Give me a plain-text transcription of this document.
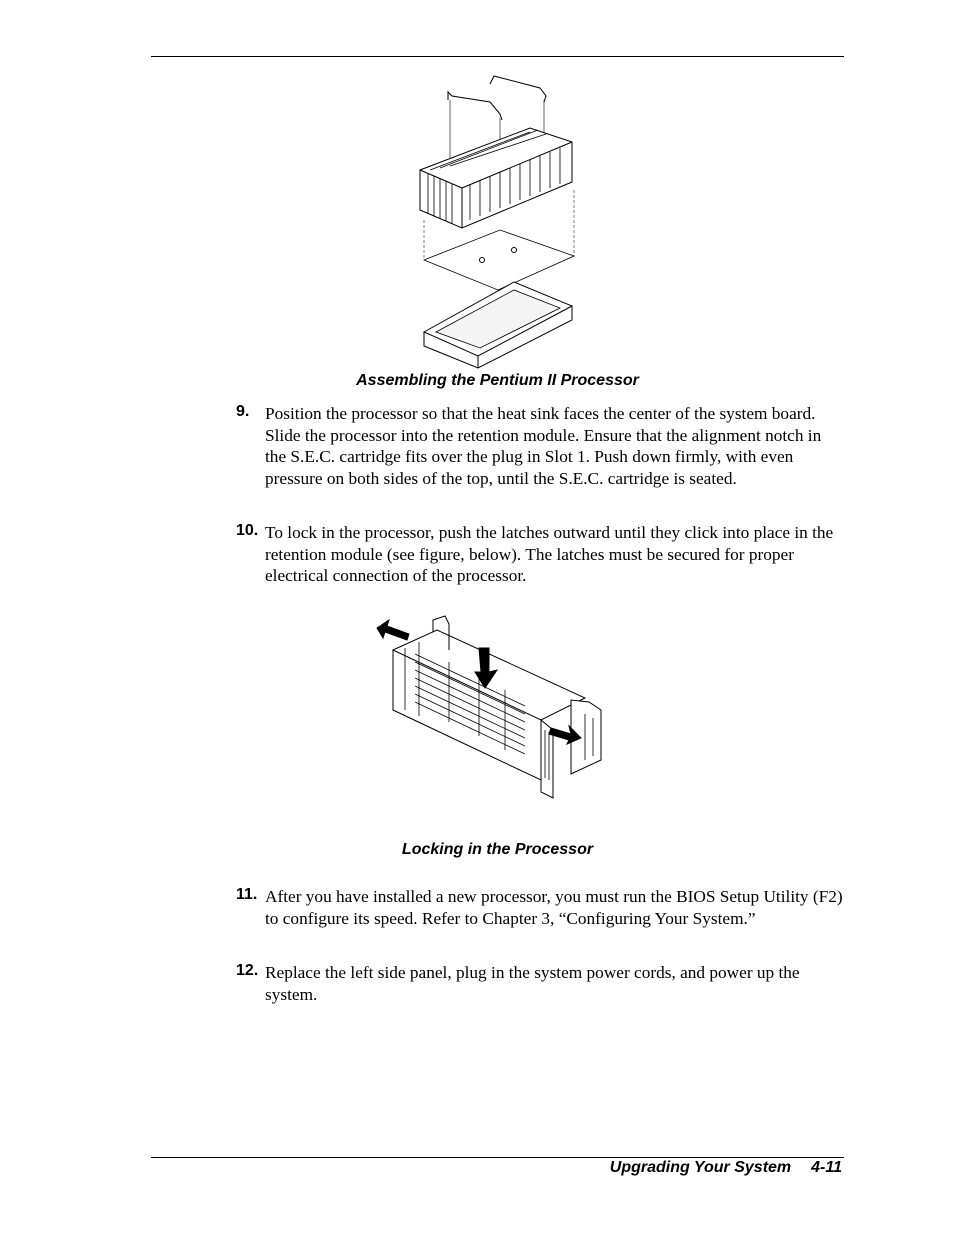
Assembling the Pentium II Processor
9. Position the processor so that the heat sink faces the center of the system board. Slide the processor into the retention module. Ensure that the alignment notch in the S.E.C. cartridge fits over the plug in Slot 1. Push down firmly, with even pressure on both sides of the top, until the S.E.C. cartridge is seated.
10. To lock in the processor, push the latches outward until they click into place in the retention module (see figure, below). The latches must be secured for proper electrical connection of the processor.
Locking in the Processor
11. After you have installed a new processor, you must run the BIOS Setup Utility (F2) to configure its speed. Refer to Chapter 3, “Configuring Your System.”
12. Replace the left side panel, plug in the system power cords, and power up the system.
Upgrading Your System 4-11
